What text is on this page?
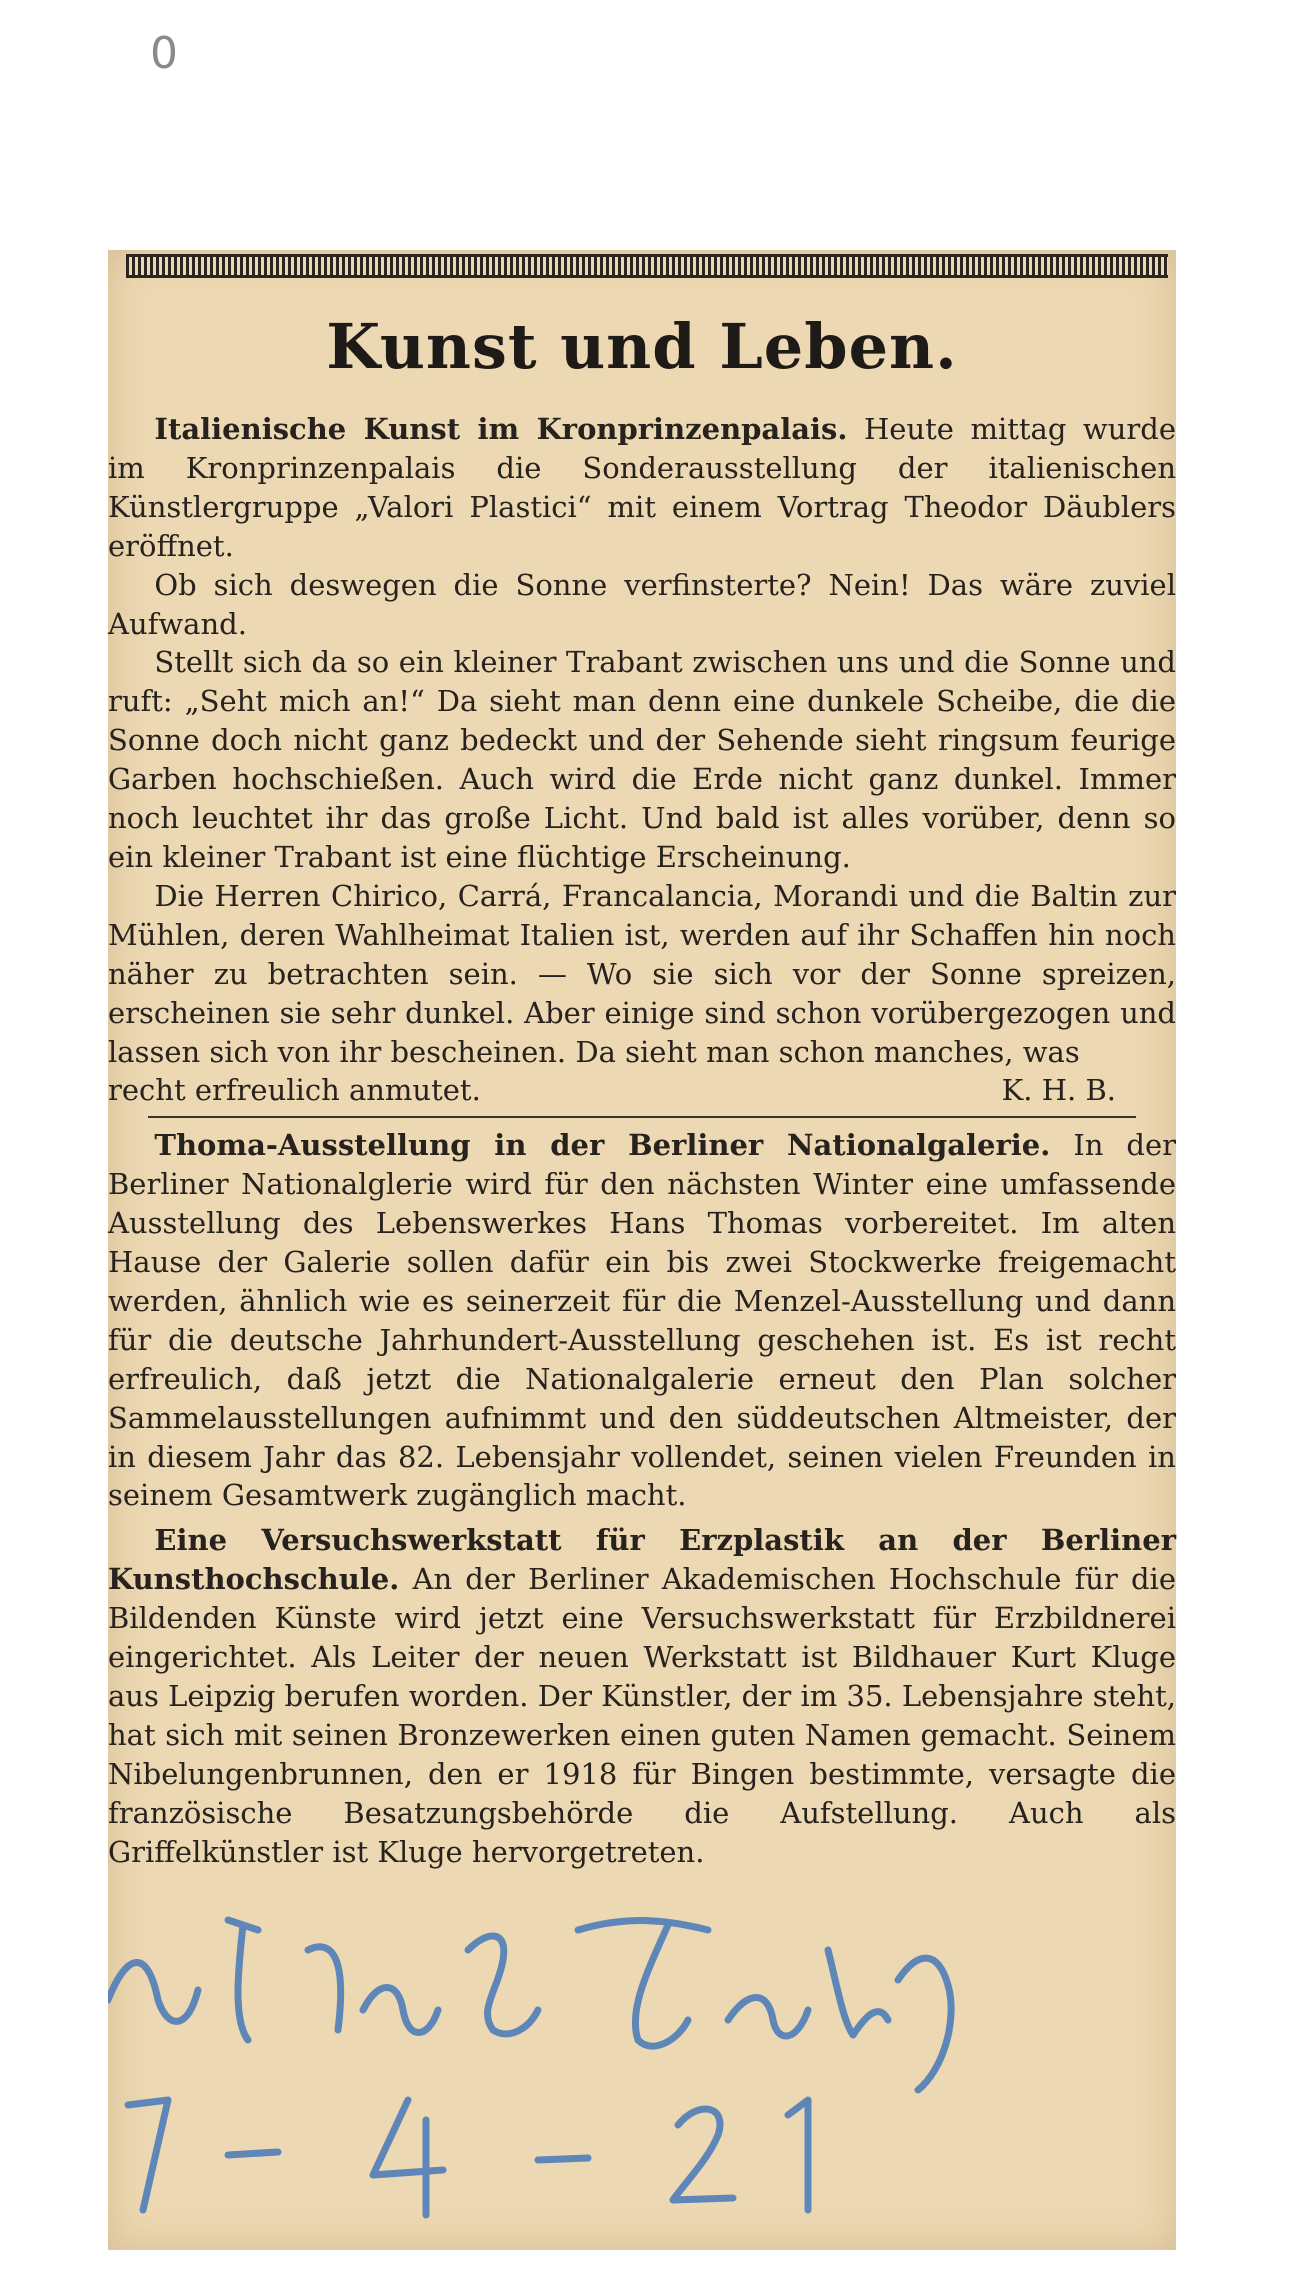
0
Kunst und Leben.

Italienische Kunst im Kronprinzenpalais. Heute mittag wurde im Kronprinzenpalais die Sonderausstellung der italienischen Künstlergruppe „Valori Plastici“ mit einem Vortrag Theodor Däublers eröffnet.

Ob sich deswegen die Sonne verfinsterte? Nein! Das wäre zuviel Aufwand.

Stellt sich da so ein kleiner Trabant zwischen uns und die Sonne und ruft: „Seht mich an!“ Da sieht man denn eine dunkele Scheibe, die die Sonne doch nicht ganz bedeckt und der Sehende sieht ringsum feurige Garben hochschießen. Auch wird die Erde nicht ganz dunkel. Immer noch leuchtet ihr das große Licht. Und bald ist alles vorüber, denn so ein kleiner Trabant ist eine flüchtige Erscheinung.

Die Herren Chirico, Carrá, Francalancia, Morandi und die Baltin zur Mühlen, deren Wahlheimat Italien ist, werden auf ihr Schaffen hin noch näher zu betrachten sein. — Wo sie sich vor der Sonne spreizen, erscheinen sie sehr dunkel. Aber einige sind schon vorübergezogen und lassen sich von ihr bescheinen. Da sieht man schon manches, was

recht erfreulich anmutet.	K. H. B.

Thoma-Ausstellung in der Berliner Nationalgalerie. In der Berliner Nationalglerie wird für den nächsten Winter eine umfassende Ausstellung des Lebenswerkes Hans Thomas vorbereitet. Im alten Hause der Galerie sollen dafür ein bis zwei Stockwerke freigemacht werden, ähnlich wie es seinerzeit für die Menzel-Ausstellung und dann für die deutsche Jahrhundert-Ausstellung geschehen ist. Es ist recht erfreulich, daß jetzt die Nationalgalerie erneut den Plan solcher Sammelausstellungen aufnimmt und den süddeutschen Altmeister, der in diesem Jahr das 82. Lebensjahr vollendet, seinen vielen Freunden in seinem Gesamtwerk zugänglich macht.

Eine Versuchswerkstatt für Erzplastik an der Berliner Kunsthochschule. An der Berliner Akademischen Hochschule für die Bildenden Künste wird jetzt eine Versuchswerkstatt für Erzbildnerei eingerichtet. Als Leiter der neuen Werkstatt ist Bildhauer Kurt Kluge aus Leipzig berufen worden. Der Künstler, der im 35. Lebensjahre steht, hat sich mit seinen Bronzewerken einen guten Namen gemacht. Seinem Nibelungenbrunnen, den er 1918 für Bingen bestimmte, versagte die französische Besatzungsbehörde die Aufstellung. Auch als Griffelkünstler ist Kluge hervorgetreten.
